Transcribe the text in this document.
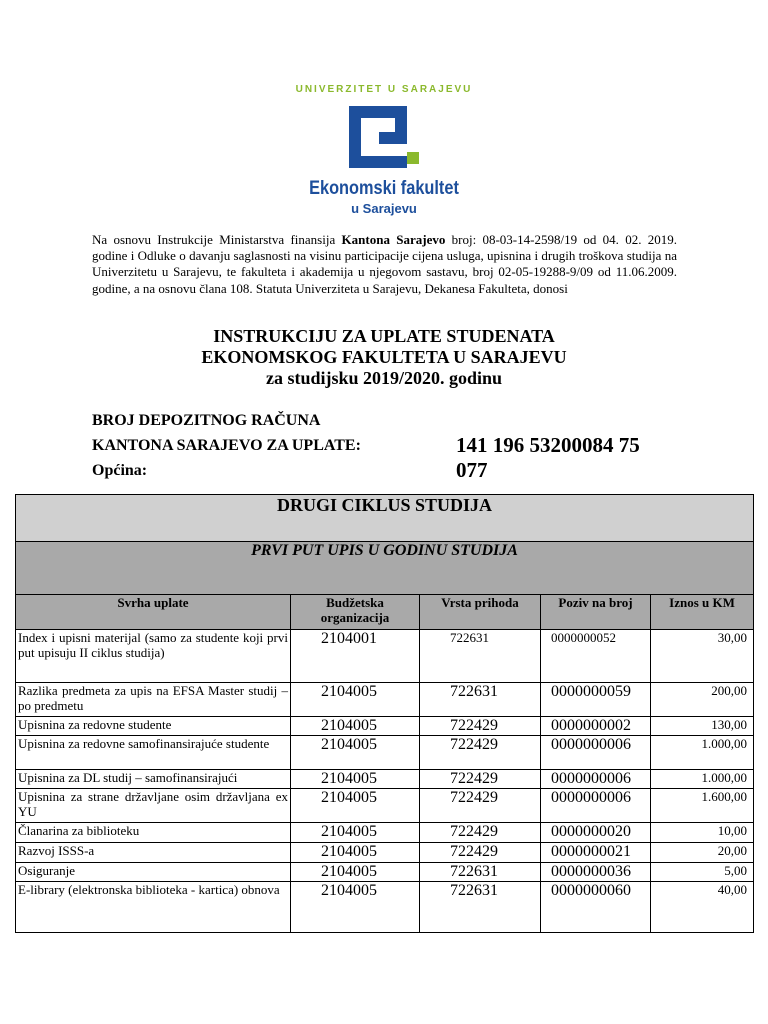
UNIVERZITET U SARAJEVU
Ekonomski fakultet
u Sarajevu
Na osnovu Instrukcije Ministarstva finansija Kantona Sarajevo broj: 08-03-14-2598/19 od 04. 02. 2019. godine i Odluke o davanju saglasnosti na visinu participacije cijena usluga, upisnina i drugih troškova studija na Univerzitetu u Sarajevu, te fakulteta i akademija u njegovom sastavu, broj 02-05-19288-9/09 od 11.06.2009. godine, a na osnovu člana 108. Statuta Univerziteta u Sarajevu, Dekanesa Fakulteta, donosi
INSTRUKCIJU ZA UPLATE STUDENATA
EKONOMSKOG FAKULTETA U SARAJEVU
za studijsku 2019/2020. godinu
BROJ DEPOZITNOG RAČUNA
KANTONA SARAJEVO ZA UPLATE:	141 196 53200084 75
Općina:	077
DRUGI CIKLUS STUDIJA				
PRVI PUT UPIS U GODINU STUDIJA				
Svrha uplate	Budžetska organizacija	Vrsta prihoda	Poziv na broj	Iznos u KM
Index i upisni materijal (samo za studente koji prvi put upisuju II ciklus studija)	2104001	722631	0000000052	30,00
Razlika predmeta za upis na EFSA Master studij – po predmetu	2104005	722631	0000000059	200,00
Upisnina za redovne studente	2104005	722429	0000000002	130,00
Upisnina za redovne samofinansirajuće studente	2104005	722429	0000000006	1.000,00
Upisnina za DL studij – samofinansirajući	2104005	722429	0000000006	1.000,00
Upisnina za strane državljane osim državljana ex YU	2104005	722429	0000000006	1.600,00
Članarina za biblioteku	2104005	722429	0000000020	10,00
Razvoj ISSS-a	2104005	722429	0000000021	20,00
Osiguranje	2104005	722631	0000000036	5,00
E-library (elektronska biblioteka - kartica) obnova	2104005	722631	0000000060	40,00
